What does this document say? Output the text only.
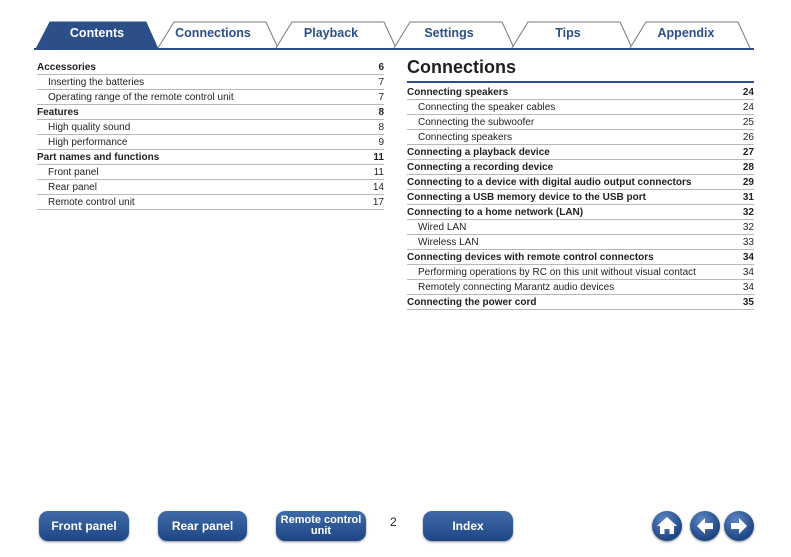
Contents	Connections	Playback	Settings	Tips	Appendix
Accessories	6
Inserting the batteries	7
Operating range of the remote control unit	7
Features	8
High quality sound	8
High performance	9
Part names and functions	11
Front panel	11
Rear panel	14
Remote control unit	17
Connections
Connecting speakers	24
Connecting the speaker cables	24
Connecting the subwoofer	25
Connecting speakers	26
Connecting a playback device	27
Connecting a recording device	28
Connecting to a device with digital audio output connectors	29
Connecting a USB memory device to the USB port	31
Connecting to a home network (LAN)	32
Wired LAN	32
Wireless LAN	33
Connecting devices with remote control connectors	34
Performing operations by RC on this unit without visual contact	34
Remotely connecting Marantz audio devices	34
Connecting the power cord	35
Front panel	Rear panel	Remote control
unit
2	Index
